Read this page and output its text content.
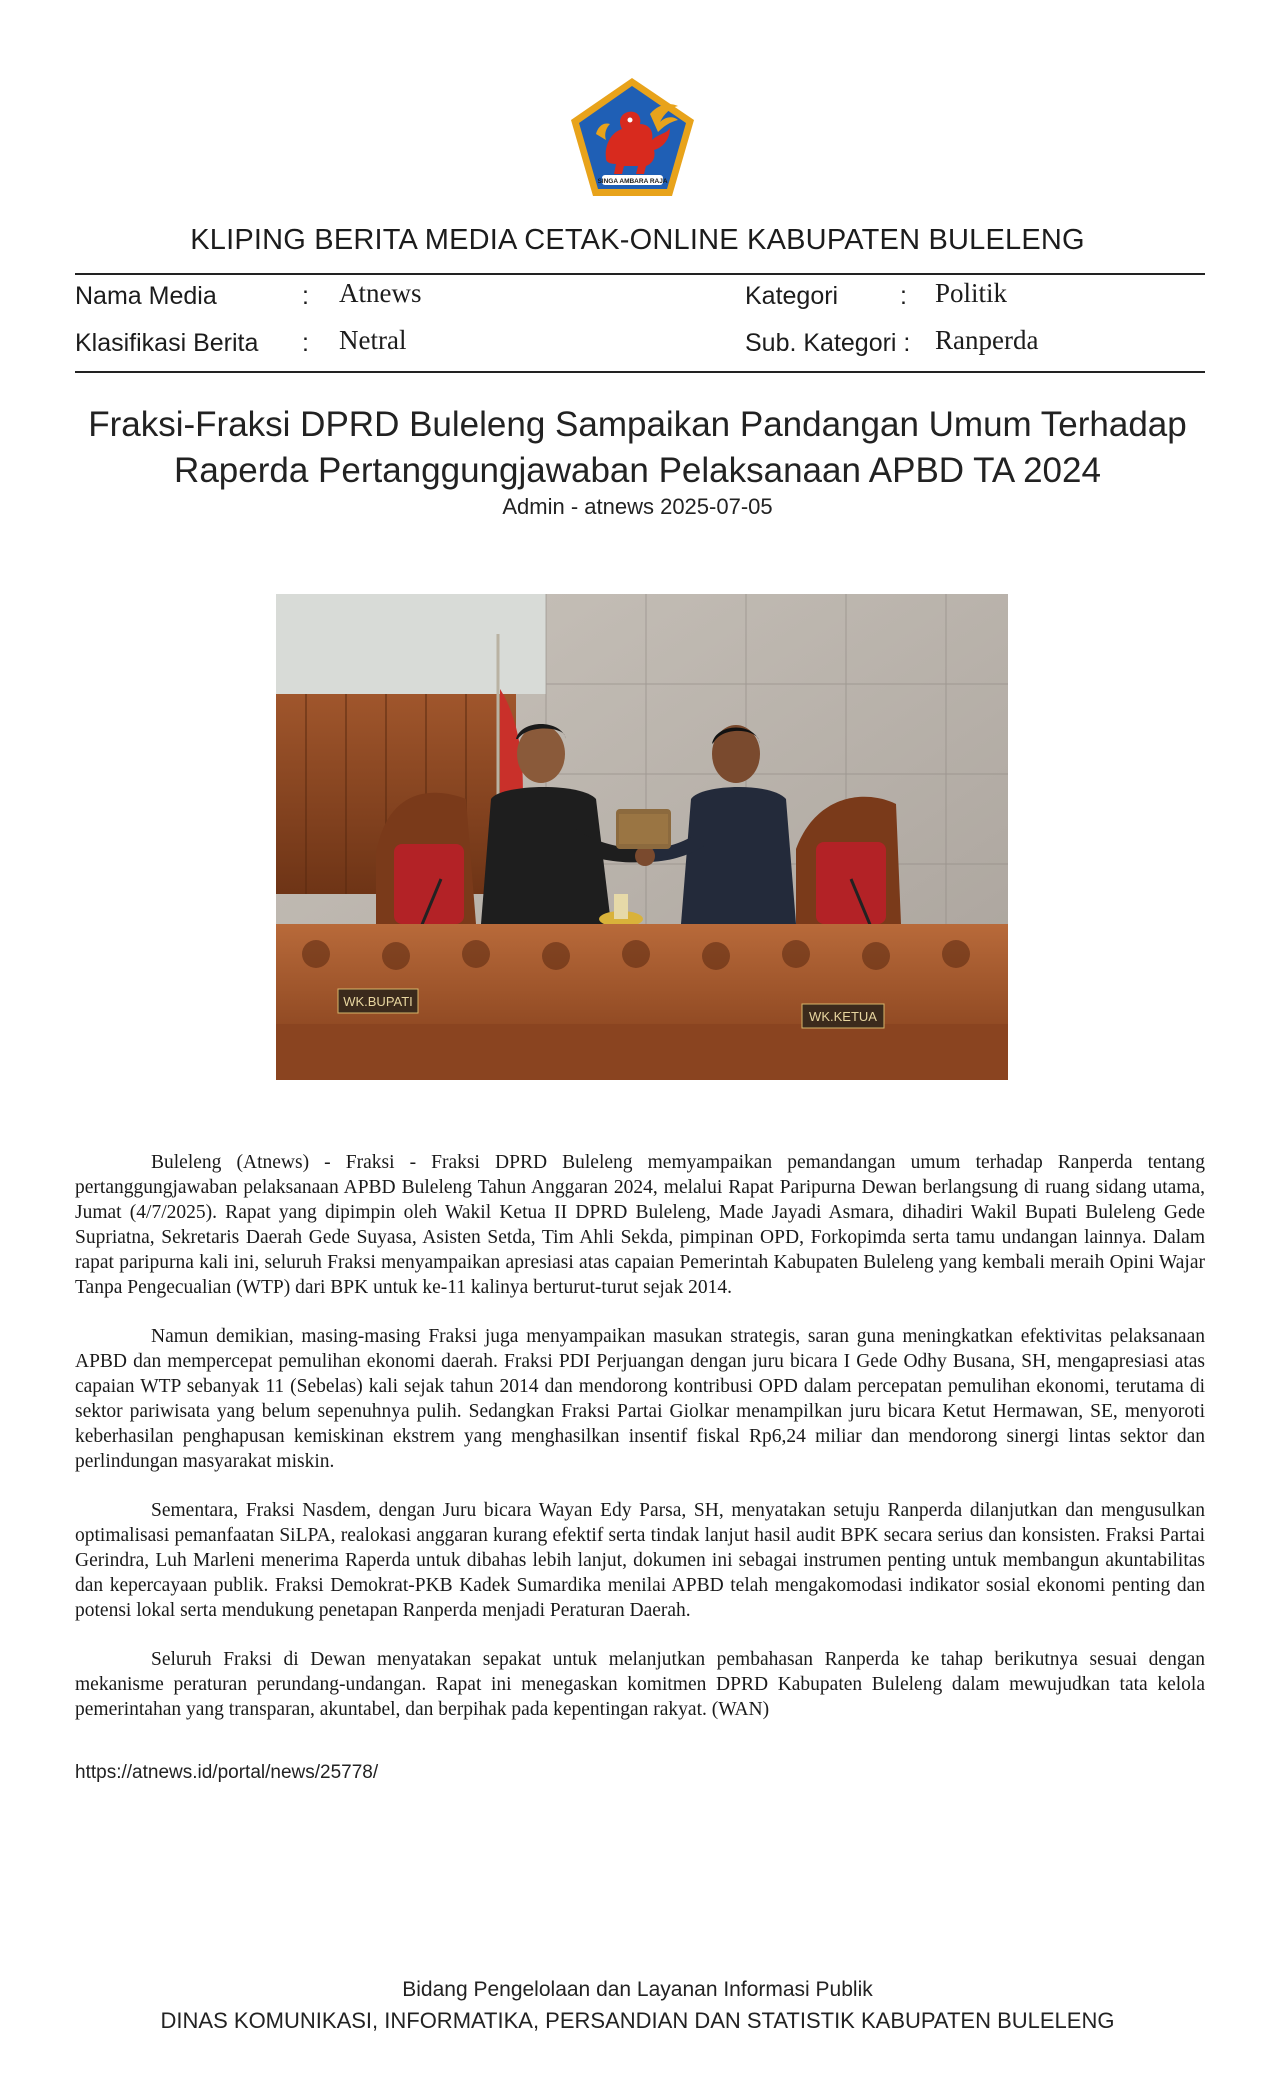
SINGA AMBARA RAJA
KLIPING BERITA MEDIA CETAK-ONLINE KABUPATEN BULELENG
Nama Media	: Atnews	Kategori : Politik
Klasifikasi Berita : Netral	Sub. Kategori : Ranperda
Fraksi-Fraksi DPRD Buleleng Sampaikan Pandangan Umum Terhadap
Raperda Pertanggungjawaban Pelaksanaan APBD TA 2024
Admin - atnews 2025-07-05
WK.BUPATI
WK.KETUA

Buleleng (Atnews) - Fraksi - Fraksi DPRD Buleleng memyampaikan pemandangan umum terhadap Ranperda tentang pertanggungjawaban pelaksanaan APBD Buleleng Tahun Anggaran 2024, melalui Rapat Paripurna Dewan berlangsung di ruang sidang utama, Jumat (4/7/2025). Rapat yang dipimpin oleh Wakil Ketua II DPRD Buleleng, Made Jayadi Asmara, dihadiri Wakil Bupati Buleleng Gede Supriatna, Sekretaris Daerah Gede Suyasa, Asisten Setda, Tim Ahli Sekda, pimpinan OPD, Forkopimda serta tamu undangan lainnya. Dalam rapat paripurna kali ini, seluruh Fraksi menyampaikan apresiasi atas capaian Pemerintah Kabupaten Buleleng yang kembali meraih Opini Wajar Tanpa Pengecualian (WTP) dari BPK untuk ke-11 kalinya berturut-turut sejak 2014.

Namun demikian, masing-masing Fraksi juga menyampaikan masukan strategis, saran guna meningkatkan efektivitas pelaksanaan APBD dan mempercepat pemulihan ekonomi daerah. Fraksi PDI Perjuangan dengan juru bicara I Gede Odhy Busana, SH, mengapresiasi atas capaian WTP sebanyak 11 (Sebelas) kali sejak tahun 2014 dan mendorong kontribusi OPD dalam percepatan pemulihan ekonomi, terutama di sektor pariwisata yang belum sepenuhnya pulih. Sedangkan Fraksi Partai Giolkar menampilkan juru bicara Ketut Hermawan, SE, menyoroti keberhasilan penghapusan kemiskinan ekstrem yang menghasilkan insentif fiskal Rp6,24 miliar dan mendorong sinergi lintas sektor dan perlindungan masyarakat miskin.

Sementara, Fraksi Nasdem, dengan Juru bicara Wayan Edy Parsa, SH, menyatakan setuju Ranperda dilanjutkan dan mengusulkan optimalisasi pemanfaatan SiLPA, realokasi anggaran kurang efektif serta tindak lanjut hasil audit BPK secara serius dan konsisten. Fraksi Partai Gerindra, Luh Marleni menerima Raperda untuk dibahas lebih lanjut, dokumen ini sebagai instrumen penting untuk membangun akuntabilitas dan kepercayaan publik. Fraksi Demokrat-PKB Kadek Sumardika menilai APBD telah mengakomodasi indikator sosial ekonomi penting dan potensi lokal serta mendukung penetapan Ranperda menjadi Peraturan Daerah.

Seluruh Fraksi di Dewan menyatakan sepakat untuk melanjutkan pembahasan Ranperda ke tahap berikutnya sesuai dengan mekanisme peraturan perundang-undangan. Rapat ini menegaskan komitmen DPRD Kabupaten Buleleng dalam mewujudkan tata kelola pemerintahan yang transparan, akuntabel, dan berpihak pada kepentingan rakyat. (WAN)

https://atnews.id/portal/news/25778/
Bidang Pengelolaan dan Layanan Informasi Publik
DINAS KOMUNIKASI, INFORMATIKA, PERSANDIAN DAN STATISTIK KABUPATEN BULELENG
